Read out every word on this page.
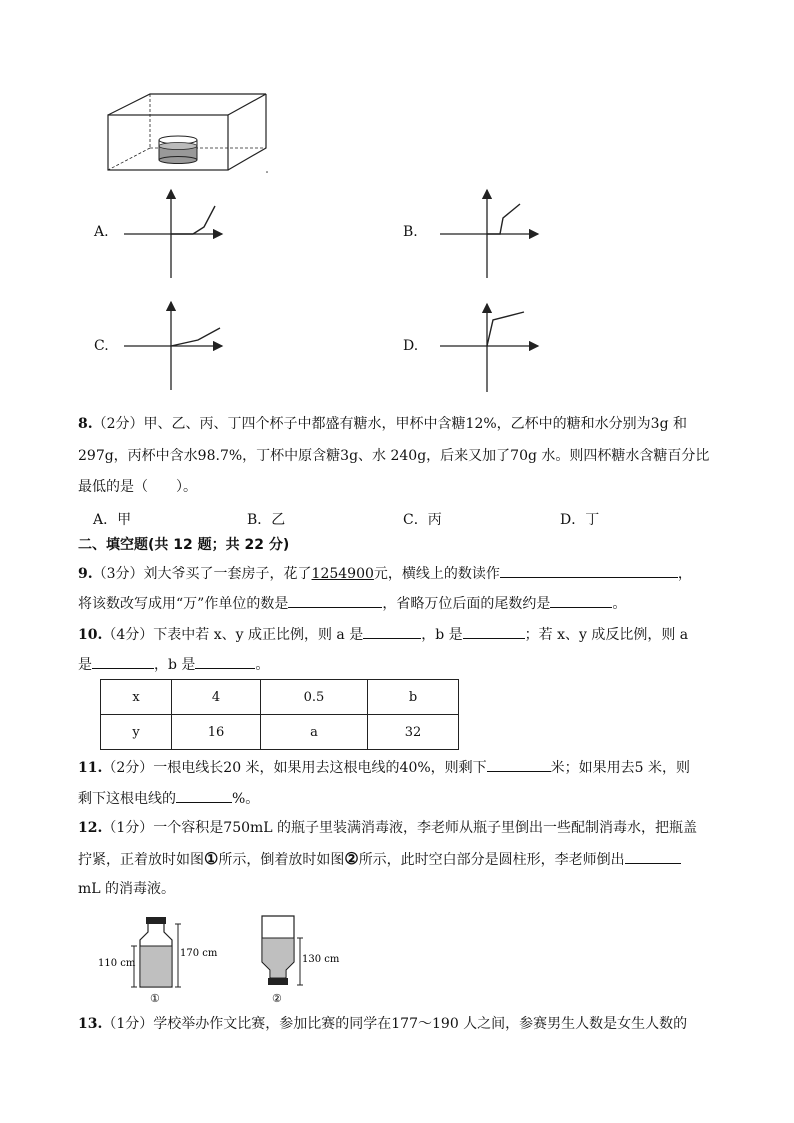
A.	B.
C.	D.
8.（2分）甲、乙、丙、丁四个杯子中都盛有糖水，甲杯中含糖12%，乙杯中的糖和水分别为3g 和
297g，丙杯中含水98.7%，丁杯中原含糖3g、水 240g，后来又加了70g 水。则四杯糖水含糖百分比
最低的是（　　）。
A．甲	B．乙	C．丙	D．丁
二、填空题(共 12 题；共 22 分)
9.（3分）刘大爷买了一套房子，花了1254900元，横线上的数读作	，
将该数改写成用“万”作单位的数是	，省略万位后面的尾数约是	。
10.（4分）下表中若 x、y 成正比例，则 a 是	，b 是	；若 x、y 成反比例，则 a
是	，b 是	。
x	4	0.5	b
y	16	a	32
11.（2分）一根电线长20 米，如果用去这根电线的40%，则剩下	米；如果用去5 米，则
剩下这根电线的	%。
12.（1分）一个容积是750mL 的瓶子里装满消毒液，李老师从瓶子里倒出一些配制消毒水，把瓶盖
拧紧，正着放时如图①所示，倒着放时如图②所示，此时空白部分是圆柱形，李老师倒出
mL 的消毒液。
110 cm
170 cm
①
130 cm
②
13.（1分）学校举办作文比赛，参加比赛的同学在177～190 人之间，参赛男生人数是女生人数的
